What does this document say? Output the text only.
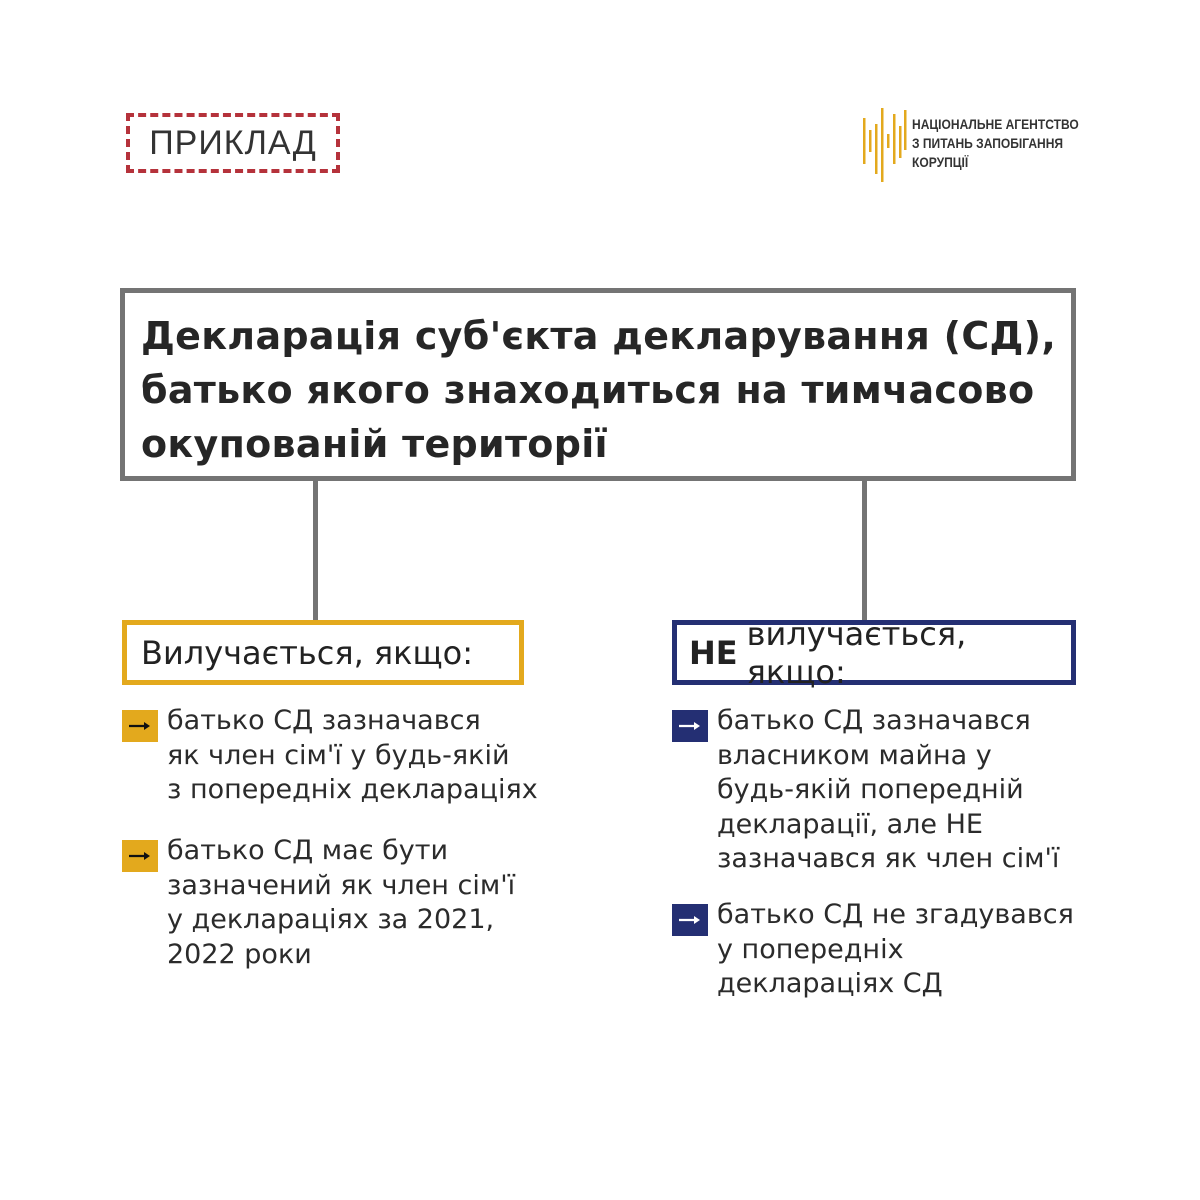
ПРИКЛАД	НАЦІОНАЛЬНЕ АГЕНТСТВО
З ПИТАНЬ ЗАПОБІГАННЯ
КОРУПЦІЇ
Декларація суб'єкта декларування (СД),
батько якого знаходиться на тимчасово
окупованій території
Вилучається, якщо:	НЕ вилучається, якщо:
батько СД зазначався
як член сім'ї у будь-якій
з попередніх деклараціях
батько СД має бути
зазначений як член сім'ї
у деклараціях за 2021,
2022 роки
батько СД зазначався
власником майна у
будь-якій попередній
декларації, але НЕ
зазначався як член сім'ї
батько СД не згадувався
у попередніх
деклараціях СД
